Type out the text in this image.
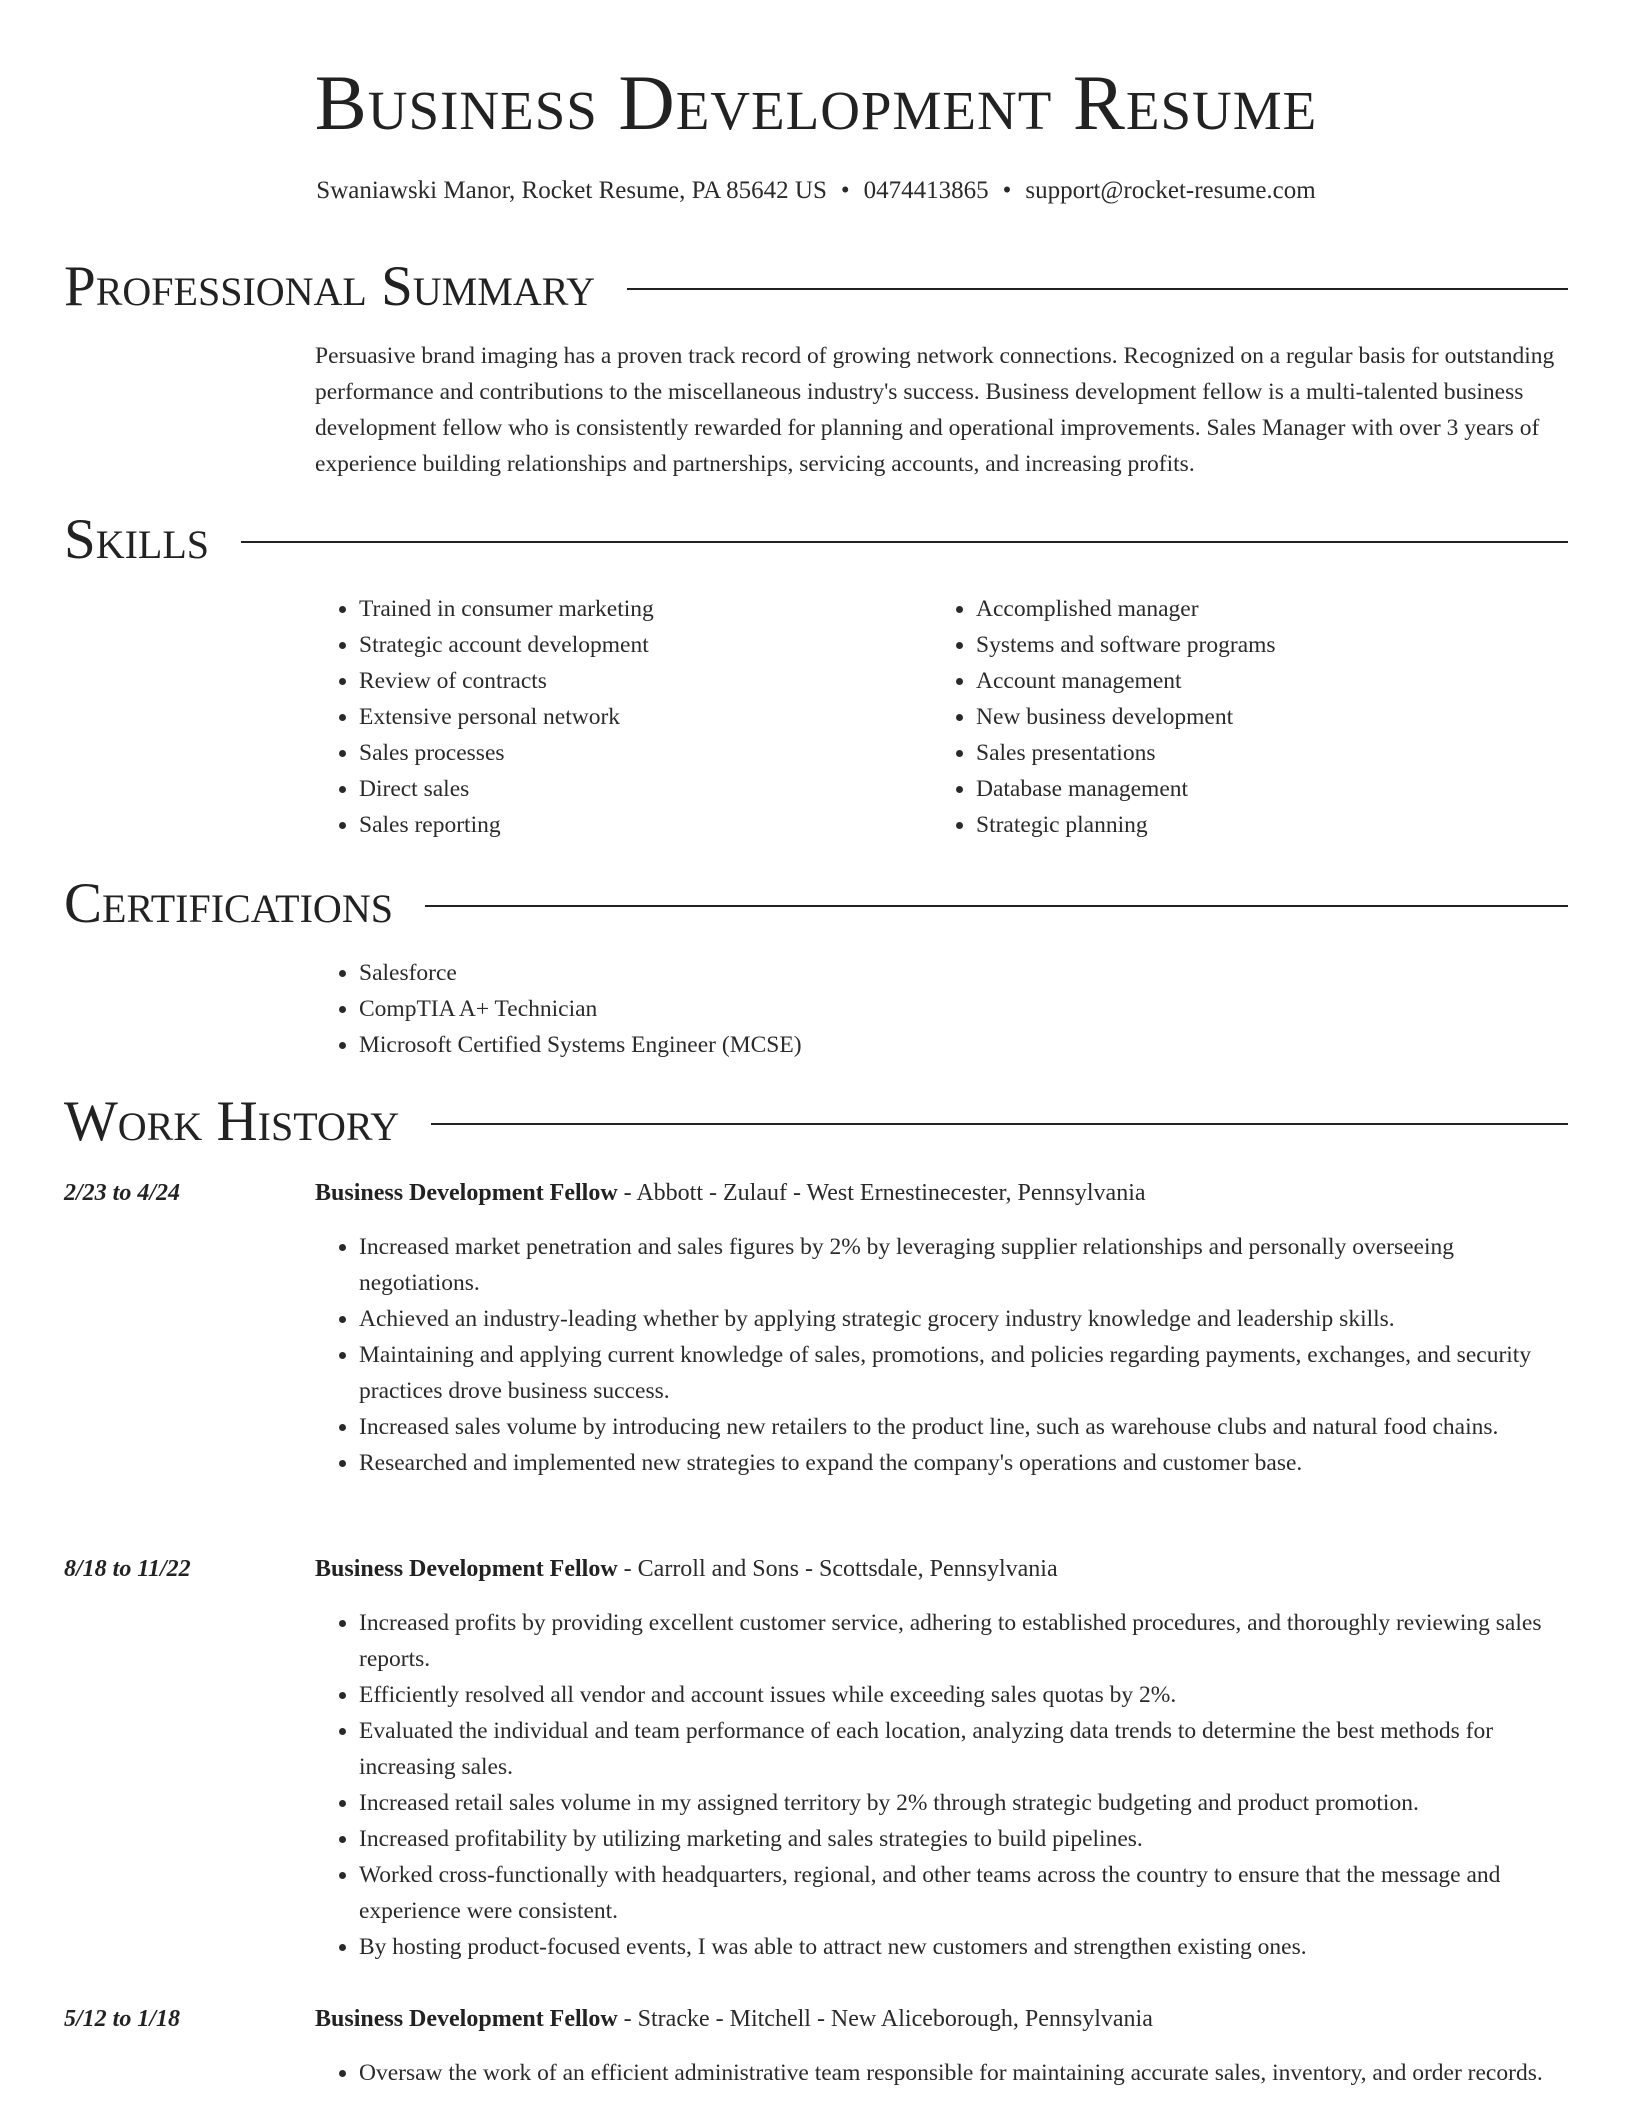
Business Development Resume
Swaniawski Manor, Rocket Resume, PA 85642 US • 0474413865 • support@rocket-resume.com
Professional Summary

Persuasive brand imaging has a proven track record of growing network connections. Recognized on a regular basis for outstanding performance and contributions to the miscellaneous industry's success. Business development fellow is a multi-talented business development fellow who is consistently rewarded for planning and operational improvements. Sales Manager with over 3 years of experience building relationships and partnerships, servicing accounts, and increasing profits.

Skills
• Trained in consumer marketing
• Strategic account development
• Review of contracts
• Extensive personal network
• Sales processes
• Direct sales
• Sales reporting
• Accomplished manager
• Systems and software programs
• Account management
• New business development
• Sales presentations
• Database management
• Strategic planning
Certifications
• Salesforce
• CompTIA A+ Technician
• Microsoft Certified Systems Engineer (MCSE)
Work History
2/23 to 4/24	Business Development Fellow - Abbott - Zulauf - West Ernestinecester, Pennsylvania
• Increased market penetration and sales figures by 2% by leveraging supplier relationships and personally overseeing negotiations.
• Achieved an industry-leading whether by applying strategic grocery industry knowledge and leadership skills.
• Maintaining and applying current knowledge of sales, promotions, and policies regarding payments, exchanges, and security practices drove business success.
• Increased sales volume by introducing new retailers to the product line, such as warehouse clubs and natural food chains.
• Researched and implemented new strategies to expand the company's operations and customer base.
8/18 to 11/22	Business Development Fellow - Carroll and Sons - Scottsdale, Pennsylvania
• Increased profits by providing excellent customer service, adhering to established procedures, and thoroughly reviewing sales reports.
• Efficiently resolved all vendor and account issues while exceeding sales quotas by 2%.
• Evaluated the individual and team performance of each location, analyzing data trends to determine the best methods for increasing sales.
• Increased retail sales volume in my assigned territory by 2% through strategic budgeting and product promotion.
• Increased profitability by utilizing marketing and sales strategies to build pipelines.
• Worked cross-functionally with headquarters, regional, and other teams across the country to ensure that the message and experience were consistent.
• By hosting product-focused events, I was able to attract new customers and strengthen existing ones.
5/12 to 1/18	Business Development Fellow - Stracke - Mitchell - New Aliceborough, Pennsylvania
• Oversaw the work of an efficient administrative team responsible for maintaining accurate sales, inventory, and order records.
